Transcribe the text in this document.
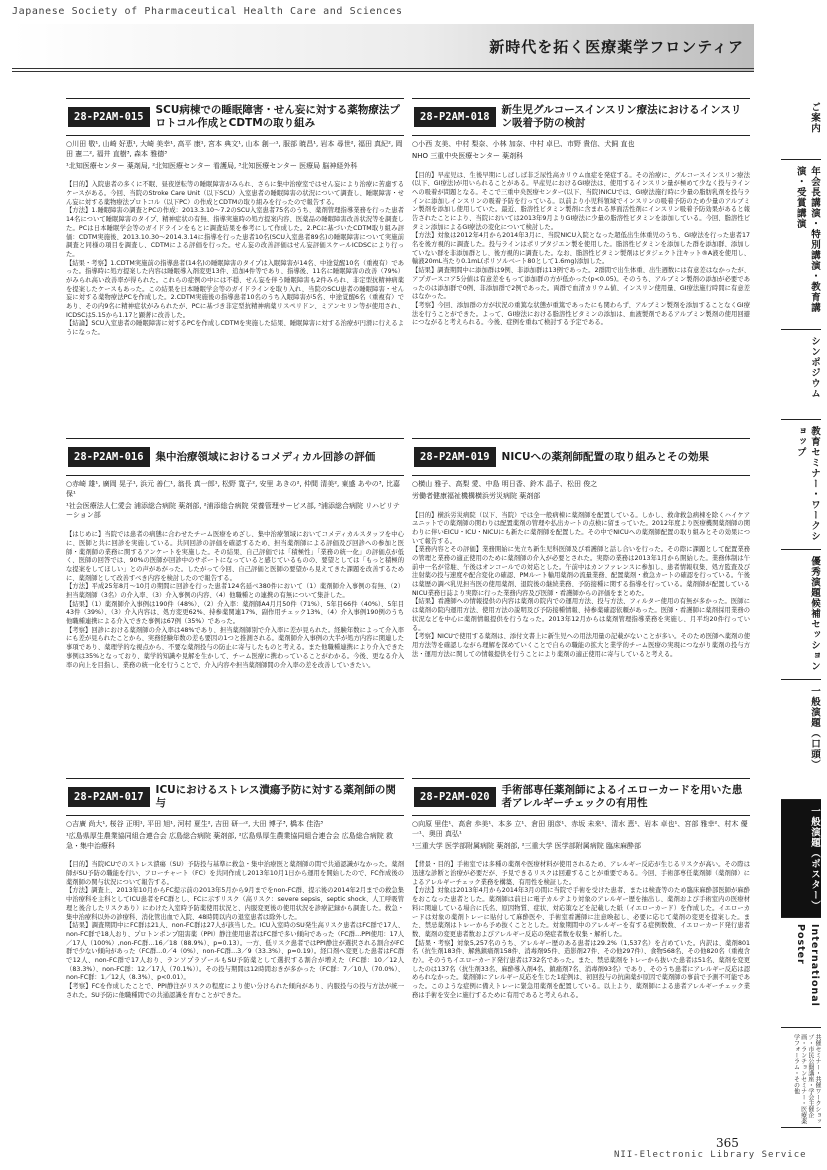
Japanese Society of Pharmaceutical Health Care and Sciences
新時代を拓く医療薬学フロンティア
28-P2AM-015
SCU病棟での睡眠障害・せん妄に対する薬物療法プロトコル作成とCDTMの取り組み
○川田 敬¹, 山崎 好恵¹, 大崎 美幸¹, 高平 康¹, 宮本 典文¹, 山本 創一¹, 服部 暁昌¹, 岩本 尋世², 福田 真紀², 岡田 憲二², 福井 直樹³, 森本 雅德³
¹北知医療センター 薬剤局, ²北知医療センター 看護局, ³北知医療センター 医療局 脳神経外科

【目的】入院患者の多くに不眠、昼夜逆転等の睡眠障害がみられ、さらに集中治療室ではせん妄により治療に苦慮するケースがある。今回、当院のStroke Care Unit（以下SCU）入室患者の睡眠障害の状況について調査し、睡眠障害・せん妄に対する薬物療法プロトコル（以下PC）の作成とCDTMの取り組みを行ったので報告する。

【方法】1.睡眠障害の調査とPCの作成：2013.3.10～7.2のSCU入室患者75名のうち、薬剤管理指導業務を行った患者14名について睡眠障害のタイプ、精神症状の有無、指導実施時の処方提案内容、医薬品の睡眠障害改善状況等を調査した。PCは日本睡眠学会等のガイドラインをもとに調査結果を参考にして作成した。2.PCに基づいたCDTM取り組み評価：CDTM実施後、2013.10.30～2014.3.14に指導を行った患者10名(SCU入室患者89名)の睡眠障害について実施前調査と同様の項目を調査し、CDTMによる評価を行った。せん妄の改善評価はせん妄評価スケールICDSCにより行った。

【結果・考察】1.CDTM実施前の指導患者(14名)の睡眠障害のタイプは入眠障害が14名、中途覚醒10名（重複有）であった。指導時に処方提案した内容は睡眠導入剤変更13件、追加4件等であり、指導後、11名に睡眠障害の改善（79%）がみられ高い改善率が得られた。これらの症例の中には不穏、せん妄を伴う睡眠障害も2件みられ、非定型抗精神病薬を提案したケースもあった。この結果を日本睡眠学会等のガイドラインを取り入れ、当院のSCU患者の睡眠障害・せん妄に対する薬物療法PCを作成した。2.CDTM実施後の指導患者10名のうち入眠障害が5名、中途覚醒6名（重複有）であり、その内9名に精神症状がみられたが、PCに基づき非定型抗精神病薬リスペリドン、ミアンセリン等が使用され、ICDSCは5.15から1.17と顕著に改善した。

【結論】SCU入室患者の睡眠障害に対するPCを作成しCDTMを実施した結果、睡眠障害に対する治療が円滑に行えるようになった。

28-P2AM-018
新生児グルコースインスリン療法におけるインスリン吸着予防の検討
○小西 友美、中村 梨奈、小林 加奈、中村 卓巳、市野 貴信、犬飼 直也
NHO 三重中央医療センター 薬剤科

【目的】早産児は、生後早期にしばしば非乏尿性高カリウム血症を発症する。その治療に、グルコースインスリン療法(以下、GI療法)が用いられることがある。早産児におけるGI療法は、使用するインスリン量が極めて少なく投与ラインへの吸着が問題となる。そこで三重中央医療センター(以下、当院)NICUでは、GI療法施行時に少量の脂肪乳剤を投与ラインに添加しインスリンの吸着予防を行っている。以前より小児科領域でインスリンの吸着予防のため少量のアルブミン製剤を添加し使用していた。最近、脂溶性ビタミン製剤に含まれる界面活性剤にインスリン吸着予防効果があると報告されたことにより、当院においては2013年9月よりGI療法に少量の脂溶性ビタミンを添加している。今回、脂溶性ビタミン添加によるGI療法の変化について検討した。

【方法】対象は2012年4月から2014年3月に、当院NICU入院となった超低出生体重児のうち、GI療法を行った患者17名を後方視的に調査した。投与ラインはポリブタジエン製を使用した。脂溶性ビタミンを添加した群を添加群、添加していない群を非添加群とし、後方視的に調査した。なお、脂溶性ビタミン製剤はビタジェクト注キット®A液を使用し、輸液20mL当たり0.1mL(ポリソルベート80として1.6mg)添加した。

【結果】調査期間中に添加群は9例、非添加群は13例であった。2群間で出生体重、出生週数には有意差はなかったが、アプガースコア5分値は有意差をもって添加群の方が低かった(p<0.05)。そのうち、アルブミン製剤の添加が必要であったのは添加群で0例、非添加群で2例であった。両群で血清カリウム値、インスリン使用量、GI療法施行時間に有意差はなかった。

【考察】今回、添加群の方が状況の重篤な状態が重篤であったにも関わらず、アルブミン製剤を添加することなくGI療法を行うことができた。よって、GI療法における脂溶性ビタミンの添加は、血液製剤であるアルブミン製剤の使用回避につながると考えられる。今後、症例を重ねて検討する予定である。

28-P2AM-016	集中治療領域におけるコメディカル回診の評価
○赤崎 雄¹, 廣岡 晃子¹, 浜元 善仁¹, 翁長 真一郎¹, 松野 寛子², 安里 あきの², 仲間 清美², 東盛 あやの³, 比嘉 保¹
¹社会医療法人仁愛会 浦添総合病院 薬剤部, ²浦添総合病院 栄養管理サービス部, ³浦添総合病院 リハビリテーション部

【はじめに】当院では患者の病態に合わせたチーム医療をめざし、集中治療領域においてコメディカルスタッフを中心に、医師と共に回診を実施している。共同回診の評価を確認するため、担当薬剤師による評価及び回診への参加と医師・薬剤師の業務に関するアンケートを実施した。その結果、自己評価では「積極性」「業務の統一化」の評価点が低く、医師の回答では、90%の医師が回診中のサポートになっていると感じているものの、要望としては「もっと積極的な提案をしてほしい」との声があがった。したがって今回、自己評価と医師の要望から見えてきた課題を改善するために、薬剤師として改善すべき内容を検討したので報告する。

【方法】平成25年8月～10月の期間に回診を行った患者124名延べ380件において（1）薬剤師介入事例の有無、（2）担当薬剤師（3名）の介入率、（3）介入事例の内容、（4）他職種との連携の有無について集計した。

【結果】（1）薬剤師介入事例は190件（48%）、（2）介入率：薬剤師A4月月50件（71%）、5年目66件（40%）、5年目43件（39%）、（3）介入内容は、処方変更62%、持参薬関連17%、副作用チェック13%、（4）介入事例190例のうち他職種連携による介入できた事例は67例（35%）であった。

【考察】回診における薬剤師の介入率は48%であり、担当薬剤師別で介入率に差が見られた。経験年数によって介入率にも差が見られたことから、実務経験年数の差も要因の1つと推測される。薬剤師介入事例の大半が処方内容に関連した事項であり、薬理学的な視点から、不要な薬剤投与の防止に寄与したものと考える。また他職種連携により介入できた事例は35%となっており、薬学的知識や見解を生かして、チーム医療に携わっていることがわかる。今後、更なる介入率の向上を目指し、業務の統一化を行うことで、介入内容や担当薬剤師間の介入率の差を改善していきたい。

28-P2AM-019	NICUへの薬剤師配置の取り組みとその効果
○横山 雅子、高梨 愛、中島 明日香、鈴木 晶子、松田 俊之
労働者健康福祉機構横浜労災病院 薬剤部

【目的】横浜労災病院（以下、当院）では全一般病棟に薬剤師を配置している。しかし、救命救急病棟を除くハイケアユニットでの薬剤師の関わりは配置薬剤の管理や払出カートの点検に留まっていた。2012年度より医療機関薬剤師の関わりに伴いEICU・ICU・NICUにも新たに薬剤師を配置した。その中でNICUへの薬剤師配置の取り組みとその効果について報告する。

【業務内容とその評価】業務開始に先立ち新生児科医師及び看護師と話し合いを行った。その際に課題として配置業務の管理と業務の適正使用のために薬剤師の介入が必要とされた。実際の業務は2013年1月から開始した。業務体制は午前中一名が常駐、午後はオンコールでの対応とした。午前中はカンファレンスに参加し、患者情報収集、処方監査及び注射薬の投与速度や配合変化の確認、PMルート輸用薬剤の流量業務、配置薬剤・救急カートの確認を行っている。午後は薬歴の調べ乳児担当医の使用薬剤、退院後の継続業務、予防接種に関する指導を行っている。薬剤師が配置しているNICU業務日誌より実際に行った業務内容及び医師・看護師からの評価をまとめた。

【結果】看護師への情報提供の内容は薬剤の院内での運用方法、投与方法、フィルター使用の有無が多かった。医師には薬剤の院内運用方法、使用方法の説明及び予防接種情報、持参薬確認依頼があった。医師・看護師に薬剤採用業務の状況などを中心に薬剤情報提供を行うなった。2013年12月からは薬剤管理指導業務を実施し、月平均20件行っている。

【考察】NICUで使用する薬剤は、添付文書上に新生児への用法用量の記載がないことが多い。そのため医師へ薬剤の使用方法等を確認しながら理解を深めていくことで自らの職能の拡大と業学的チーム医療の実現につながり薬剤の投与方法・運用方法に関しての情報提供を行うことにより薬剤の適正使用に寄与していると考える。

28-P2AM-017
ICUにおけるストレス潰瘍予防に対する薬剤師の関与
○吉廣 尚大¹, 桜谷 正明¹, 平田 旭¹, 河村 夏生², 吉田 研一², 大田 博子³, 橋本 佳浩³
¹広島県厚生農業協同組合連合会 広島総合病院 薬剤部, ²広島県厚生農業協同組合連合会 広島総合病院 救急・集中治療科

【目的】当院ICUでのストレス潰瘍（SU）予防投与基準に救急・集中治療医と薬剤師の間で共通認識がなかった。薬剤師がSU予防の職能を行い、フローチャート（FC）を共同作成し2013年10月1日から運用を開始したので、FC作成後の薬剤師の関与状況について報告する。

【方法】調査上、2013年10月からFC提示前の2013年5月から9月までをnon-FC群、提示後の2014年2月までの救急集中治療科を主科としてICU患者をFC群とし、FCに示すリスク（高リスク：severe sepsis、septic shock、人工呼吸管理と後合したリスクあり）にわけた入室時予防薬使用状況と、内服変更後の使用状況を診療記録から調査した。救急・集中治療科以外の診療科、消化管出血で入院、48時間以内の退室患者は除外した。

【結果】調査期間中にFC群は21人、non-FC群は27人が該当した。ICU入室時のSU発生高リスク患者はFC群で17人、non-FC群で18人おり、プロトンポンプ阻害薬（PPI）静注使用患者はFC群で多い傾向であった（FC群…PPI使用：17人／17人（100%）,non-FC群…16／18（88.9%）、p=0.13）。一方、低リスク患者ではPPI静注が選択される割合がFC群で少ない傾向があった（FC群…0／4（0%）、non-FC群…3／9（33.3%）、p=0.19）。経口剤へ変更した患者はFC群で12人、non-FC群で17人おり、ランソプラゾールもSU予防薬として選択する割合が増えた（FC群：10／12人（83.3%）、non-FC群：12／17人（70.1%））。その投与期間は12時間おきが多かった（FC群：7／10人（70.0%）、non-FC群：1／12人（8.3%）、p<0.01）。

【考察】FCを作成したことで、PPI静注がリスクの程度により使い分けられた傾向があり、内服投与の投与方法が統一された。SU予防に他職種間での共通認識を育むことができた。

28-P2AM-020
手術部専任薬剤師によるイエローカードを用いた患者アレルギーチェックの有用性
○向原 里佳¹、高倉 歩美¹、本多 立¹、倉田 朋彦¹、赤坂 未来¹、清水 恵¹、岩本 卓也¹、宮部 雅幸²、村木 優一¹、奥田 真弘¹
¹三重大学 医学部附属病院 薬剤部, ²三重大学 医学部附属病院 臨床麻酔部

【背景・目的】手術室では多種の薬剤や医療材料が使用されるため、アレルギー反応が生じるリスクが高い。その際は迅速な診断と治療が必要だが、予見できるリスクは回避することが重要である。今回、手術部専任薬剤師（薬剤師）によるアレルギーチェック業務を構築、有用性を検証した。

【方法】対象は2013年4月から2014年3月の間に当院で手術を受けた患者、または検査等のため臨床麻酔部医師が麻酔をおこなった患者とした。薬剤師は前日に電子カルテより対象のアレルギー歴を抽出し、薬剤および手術室内の医療材料に関連している場合に氏名、原因物質、症状、対応策などを記載した紙（イエローカード）を作成した。イエローカードは対象の薬剤トレーに貼付して麻酔医や、手術室看護師に注意喚起し、必要に応じて薬剤の変更を提案した。また、禁忌薬剤はトレーから予め抜くこととした。対象期間中のアレルギーを有する症例数数、イエローカード発行患者数、薬剤の変更患者数およびアレルギー反応の発症者数を収集・解析した。

【結果・考察】対象5,257名のうち、アレルギー歴のある患者は29.2%（1,537名）を占めていた。内訳は、薬剤801名（抗生剤183件、解熱鎮痛剤158件、消毒剤95件、造影剤27件、その他297件）、食物568名、その他820名（重複含む）。そのうちイエローカード発行患者は732名であった。また、禁忌薬剤をトレーから抜いた患者は51名、薬剤を変更したのは137名（抗生剤33名、麻酔導入剤4名、鎮痛剤7名、消毒剤93名）であり、そのうち患者にアレルギー反応は認められなかった。薬剤師にアレルギー反応を生じた1症例は、初回投与の抗菌薬が原因で薬剤師の事前で予測不可能であった。このような症例に備えトレーに緊急用薬剤を配置している。以上より、薬剤師による患者アレルギーチェック業務は手術を安全に施行するために有用であると考えられる。

ご案内
年会長講演・特別講演・教育講演・受賞講演
シンポジウム
教育セミナー・ワークショップ
優秀演題候補セッション
一般演題（口頭）
一般演題（ポスター）
International Poster
共催セミナー・共催ワークショップ・市民公開講座・学会主催企画・ランチョンセミナー・医療薬学フォーラム・その他
365
NII-Electronic Library Service
